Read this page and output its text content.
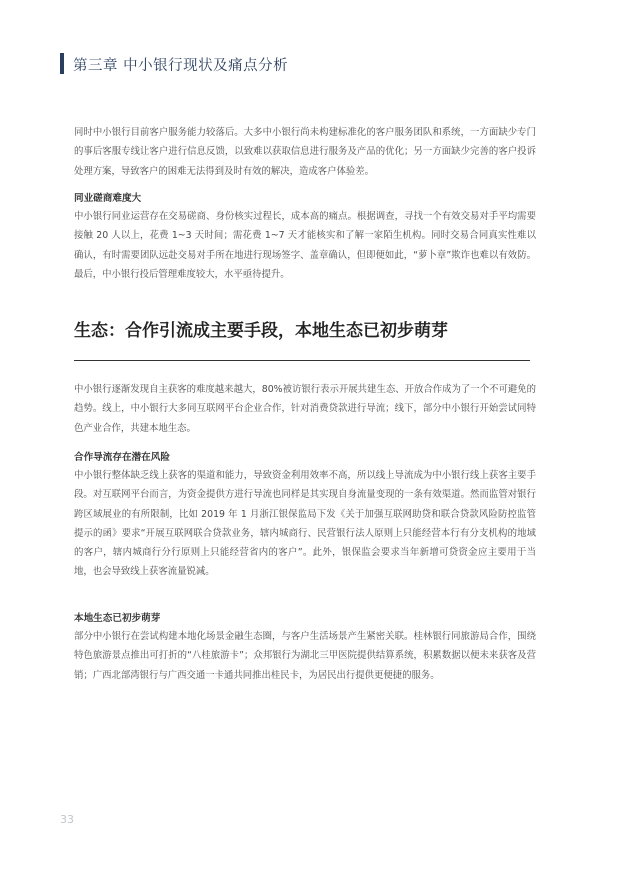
第三章 中小银行现状及痛点分析

同时中小银行目前客户服务能力较落后。大多中小银行尚未构建标准化的客户服务团队和系统，一方面缺少专门的事后客服专线让客户进行信息反馈，以致难以获取信息进行服务及产品的优化；另一方面缺少完善的客户投诉处理方案，导致客户的困难无法得到及时有效的解决，造成客户体验差。

同业磋商难度大

中小银行同业运营存在交易磋商、身份核实过程长，成本高的痛点。根据调查，寻找一个有效交易对手平均需要接触 20 人以上，花费 1~3 天时间；需花费 1~7 天才能核实和了解一家陌生机构。同时交易合同真实性难以确认，有时需要团队远赴交易对手所在地进行现场签字、盖章确认，但即便如此，“萝卜章”欺诈也难以有效防。最后，中小银行投后管理难度较大，水平亟待提升。

生态：合作引流成主要手段，本地生态已初步萌芽

中小银行逐渐发现自主获客的难度越来越大，80%被访银行表示开展共建生态、开放合作成为了一个不可避免的趋势。线上，中小银行大多同互联网平台企业合作，针对消费贷款进行导流；线下，部分中小银行开始尝试同特色产业合作，共建本地生态。

合作导流存在潜在风险

中小银行整体缺乏线上获客的渠道和能力，导致资金利用效率不高，所以线上导流成为中小银行线上获客主要手段。对互联网平台而言，为资金提供方进行导流也同样是其实现自身流量变现的一条有效渠道。然而监管对银行跨区域展业的有所限制，比如 2019 年 1 月浙江银保监局下发《关于加强互联网助贷和联合贷款风险防控监管提示的函》要求“开展互联网联合贷款业务，辖内城商行、民营银行法人原则上只能经营本行有分支机构的地域的客户，辖内城商行分行原则上只能经营省内的客户”。此外，银保监会要求当年新增可贷资金应主要用于当地，也会导致线上获客流量锐减。

本地生态已初步萌芽

部分中小银行在尝试构建本地化场景金融生态圈，与客户生活场景产生紧密关联。桂林银行同旅游局合作，围绕特色旅游景点推出可打折的“八桂旅游卡”；众邦银行为湖北三甲医院提供结算系统，积累数据以便未来获客及营销；广西北部湾银行与广西交通一卡通共同推出桂民卡，为居民出行提供更便捷的服务。

33
